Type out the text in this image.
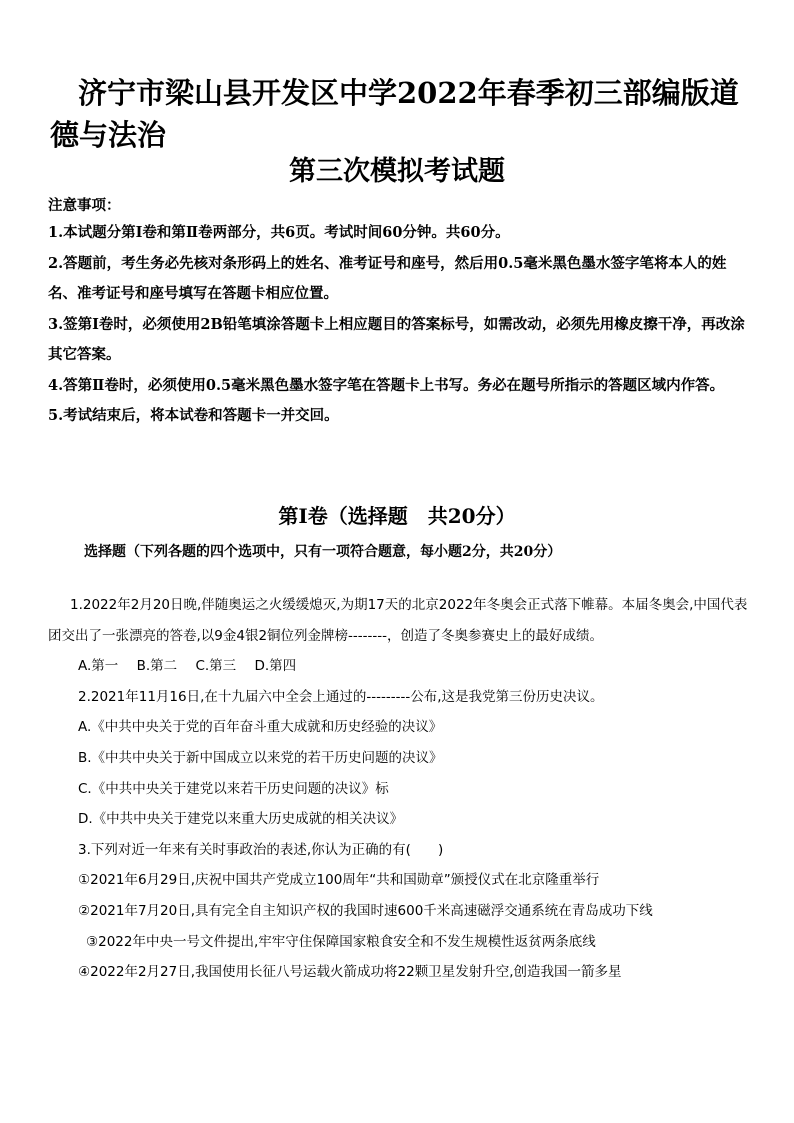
济宁市梁山县开发区中学2022年春季初三部编版道德与法治
第三次模拟考试题
注意事项：
1.本试题分第Ⅰ卷和第Ⅱ卷两部分，共6页。考试时间60分钟。共60分。
2.答题前，考生务必先核对条形码上的姓名、准考证号和座号，然后用0.5毫米黑色墨水签字笔将本人的姓名、准考证号和座号填写在答题卡相应位置。
3.签第Ⅰ卷时，必须使用2B铅笔填涂答题卡上相应题目的答案标号，如需改动，必须先用橡皮擦干净，再改涂其它答案。
4.答第Ⅱ卷时，必须使用0.5毫米黑色墨水签字笔在答题卡上书写。务必在题号所指示的答题区域内作答。
5.考试结束后，将本试卷和答题卡一并交回。
第Ⅰ卷（选择题　共20分）
选择题（下列各题的四个选项中，只有一项符合题意，每小题2分，共20分）
1.2022年2月20日晚,伴随奥运之火缓缓熄灭,为期17天的北京2022年冬奥会正式落下帷幕。本届冬奥会,中国代表团交出了一张漂亮的答卷,以9金4银2铜位列金牌榜--------，创造了冬奥参赛史上的最好成绩。
A.第一 B.第二 C.第三 D.第四
2.2021年11月16日,在十九届六中全会上通过的---------公布,这是我党第三份历史决议。
A.《中共中央关于党的百年奋斗重大成就和历史经验的决议》
B.《中共中央关于新中国成立以来党的若干历史问题的决议》
C.《中共中央关于建党以来若干历史问题的决议》标
D.《中共中央关于建党以来重大历史成就的相关决议》
3.下列对近一年来有关时事政治的表述,你认为正确的有(　　)
①2021年6月29日,庆祝中国共产党成立100周年“共和国勋章”颁授仪式在北京隆重举行
②2021年7月20日,具有完全自主知识产权的我国时速600千米高速磁浮交通系统在青岛成功下线
③2022年中央一号文件提出,牢牢守住保障国家粮食安全和不发生规模性返贫两条底线
④2022年2月27日,我国使用长征八号运载火箭成功将22颗卫星发射升空,创造我国一箭多星
